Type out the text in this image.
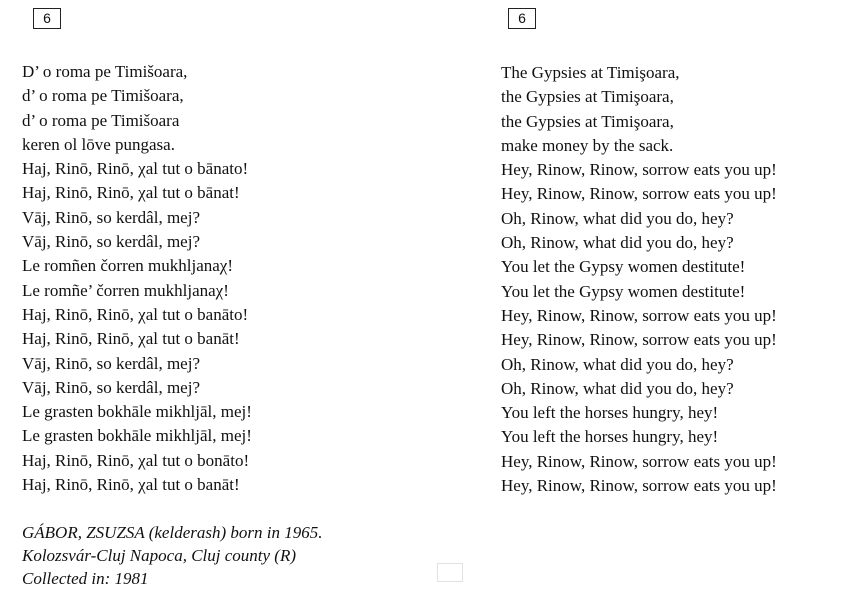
6	6
D’ o roma pe Timišoara,
d’ o roma pe Timišoara,
d’ o roma pe Timišoara
keren ol lōve pungasa.
Haj, Rinō, Rinō, χal tut o bānato!
Haj, Rinō, Rinō, χal tut o bānat!
Vāj, Rinō, so kerdâl, mej?
Vāj, Rinō, so kerdâl, mej?
Le romñen čorren mukhljanaχ!
Le romñe’ čorren mukhljanaχ!
Haj, Rinō, Rinō, χal tut o banāto!
Haj, Rinō, Rinō, χal tut o banāt!
Vāj, Rinō, so kerdâl, mej?
Vāj, Rinō, so kerdâl, mej?
Le grasten bokhāle mikhljāl, mej!
Le grasten bokhāle mikhljāl, mej!
Haj, Rinō, Rinō, χal tut o bonāto!
Haj, Rinō, Rinō, χal tut o banāt!
The Gypsies at Timişoara,
the Gypsies at Timişoara,
the Gypsies at Timişoara,
make money by the sack.
Hey, Rinow, Rinow, sorrow eats you up!
Hey, Rinow, Rinow, sorrow eats you up!
Oh, Rinow, what did you do, hey?
Oh, Rinow, what did you do, hey?
You let the Gypsy women destitute!
You let the Gypsy women destitute!
Hey, Rinow, Rinow, sorrow eats you up!
Hey, Rinow, Rinow, sorrow eats you up!
Oh, Rinow, what did you do, hey?
Oh, Rinow, what did you do, hey?
You left the horses hungry, hey!
You left the horses hungry, hey!
Hey, Rinow, Rinow, sorrow eats you up!
Hey, Rinow, Rinow, sorrow eats you up!
GÁBOR, ZSUZSA (kelderash) born in 1965.
Kolozsvár-Cluj Napoca, Cluj county (R)
Collected in: 1981
